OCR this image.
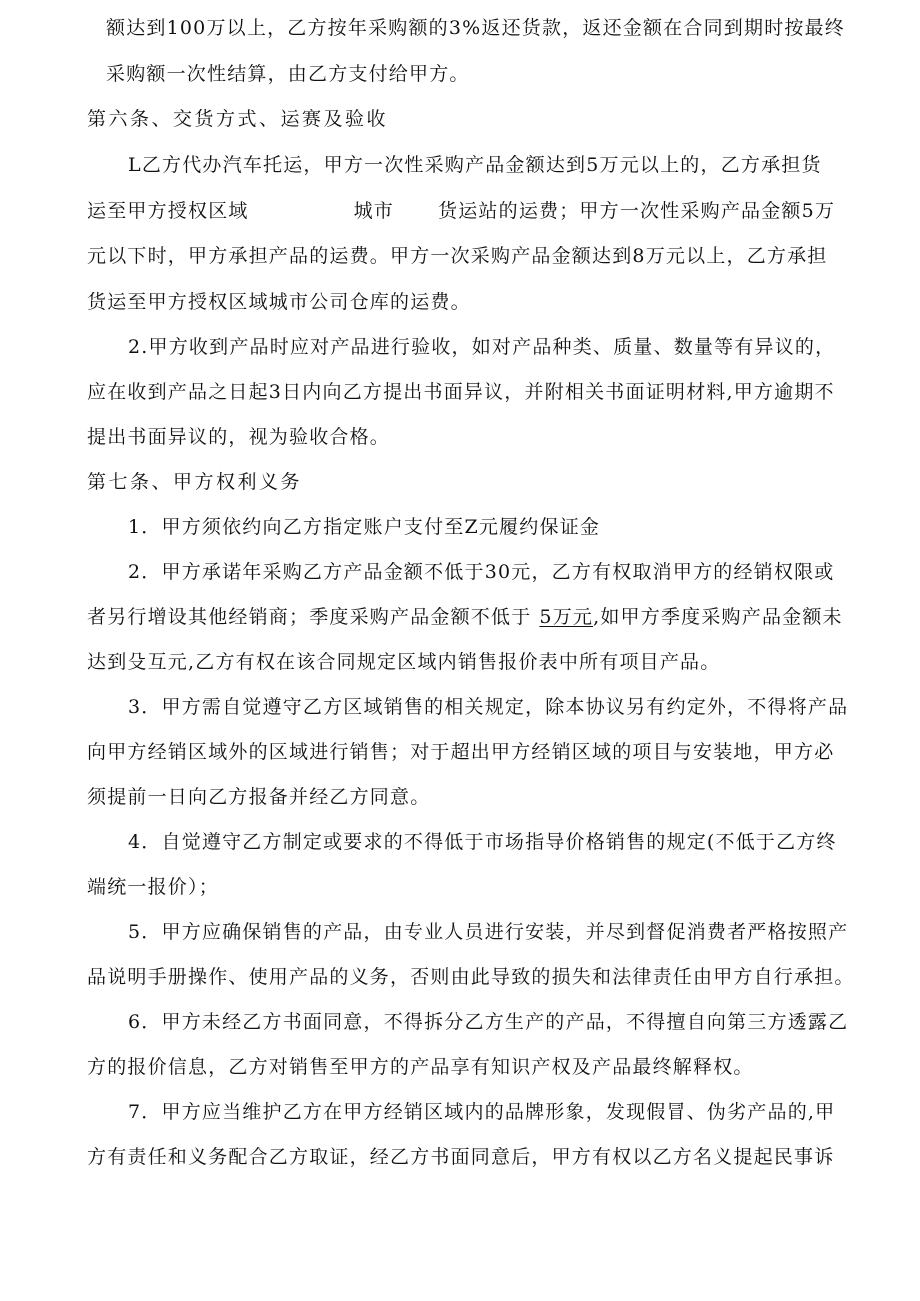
额达到100万以上，乙方按年采购额的3%返还货款，返还金额在合同到期时按最终
采购额一次性结算，由乙方支付给甲方。
第六条、交货方式、运赛及验收
L乙方代办汽车托运，甲方一次性采购产品金额达到5万元以上的，乙方承担货
运至甲方授权区域	城市 货运站的运费；甲方一次性采购产品金额5万
元以下时，甲方承担产品的运费。甲方一次采购产品金额达到8万元以上，乙方承担
货运至甲方授权区域城市公司仓库的运费。
2.甲方收到产品时应对产品进行验收，如对产品种类、质量、数量等有异议的，
应在收到产品之日起3日内向乙方提出书面异议，并附相关书面证明材料,甲方逾期不
提出书面异议的，视为验收合格。
第七条、甲方权利义务
1．甲方须依约向乙方指定账户支付至Z元履约保证金
2．甲方承诺年采购乙方产品金额不低于30元，乙方有权取消甲方的经销权限或
者另行增设其他经销商；季度采购产品金额不低于 5万元,如甲方季度采购产品金额未
达到殳互元,乙方有权在该合同规定区域内销售报价表中所有项目产品。
3．甲方需自觉遵守乙方区域销售的相关规定，除本协议另有约定外，不得将产品
向甲方经销区域外的区域进行销售；对于超出甲方经销区域的项目与安装地，甲方必
须提前一日向乙方报备并经乙方同意。
4．自觉遵守乙方制定或要求的不得低于市场指导价格销售的规定(不低于乙方终
端统一报价）；
5．甲方应确保销售的产品，由专业人员进行安装，并尽到督促消费者严格按照产
品说明手册操作、使用产品的义务，否则由此导致的损失和法律责任由甲方自行承担。
6．甲方未经乙方书面同意，不得拆分乙方生产的产品，不得擅自向第三方透露乙
方的报价信息，乙方对销售至甲方的产品享有知识产权及产品最终解释权。
7．甲方应当维护乙方在甲方经销区域内的品牌形象，发现假冒、伪劣产品的,甲
方有责任和义务配合乙方取证，经乙方书面同意后，甲方有权以乙方名义提起民事诉
